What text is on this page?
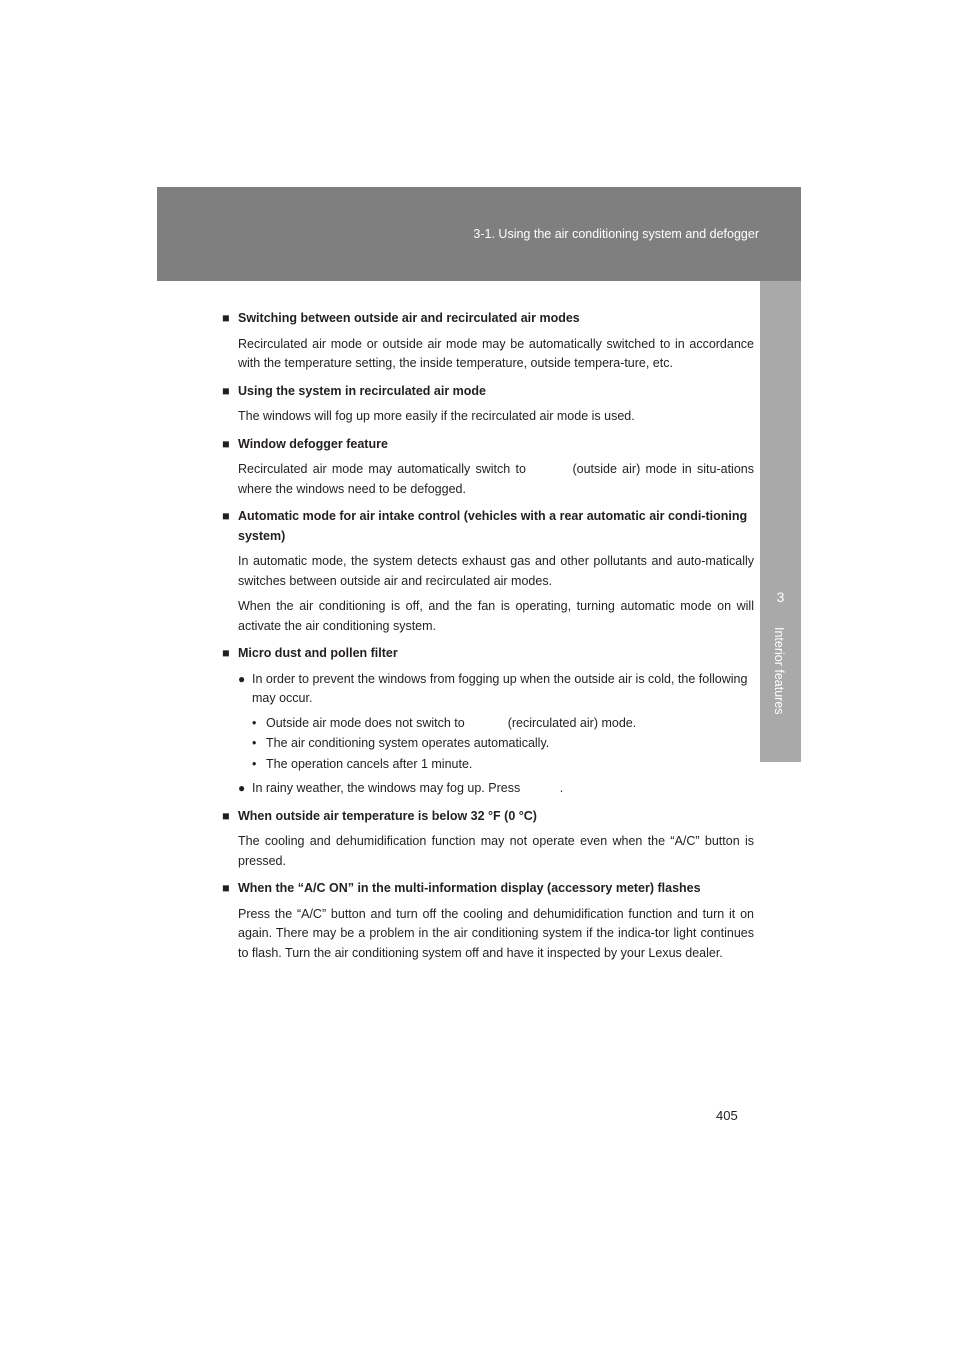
3-1. Using the air conditioning system and defogger
3
Interior features
■ Switching between outside air and recirculated air modes

Recirculated air mode or outside air mode may be automatically switched to in accordance with the temperature setting, the inside temperature, outside tempera-ture, etc.

■ Using the system in recirculated air mode

The windows will fog up more easily if the recirculated air mode is used.

■ Window defogger feature

Recirculated air mode may automatically switch to	(outside air) mode in situ-ations where the windows need to be defogged.

■ Automatic mode for air intake control (vehicles with a rear automatic air condi-tioning system)

In automatic mode, the system detects exhaust gas and other pollutants and auto-matically switches between outside air and recirculated air modes.

When the air conditioning is off, and the fan is operating, turning automatic mode on will activate the air conditioning system.

■ Micro dust and pollen filter
● In order to prevent the windows from fogging up when the outside air is cold, the following may occur.
• Outside air mode does not switch to	(recirculated air) mode.
• The air conditioning system operates automatically.
• The operation cancels after 1 minute.
● In rainy weather, the windows may fog up. Press	.
■ When outside air temperature is below 32 °F (0 °C)

The cooling and dehumidification function may not operate even when the “A/C” button is pressed.

■ When the “A/C ON” in the multi-information display (accessory meter) flashes

Press the “A/C” button and turn off the cooling and dehumidification function and turn it on again. There may be a problem in the air conditioning system if the indica-tor light continues to flash. Turn the air conditioning system off and have it inspected by your Lexus dealer.

405
